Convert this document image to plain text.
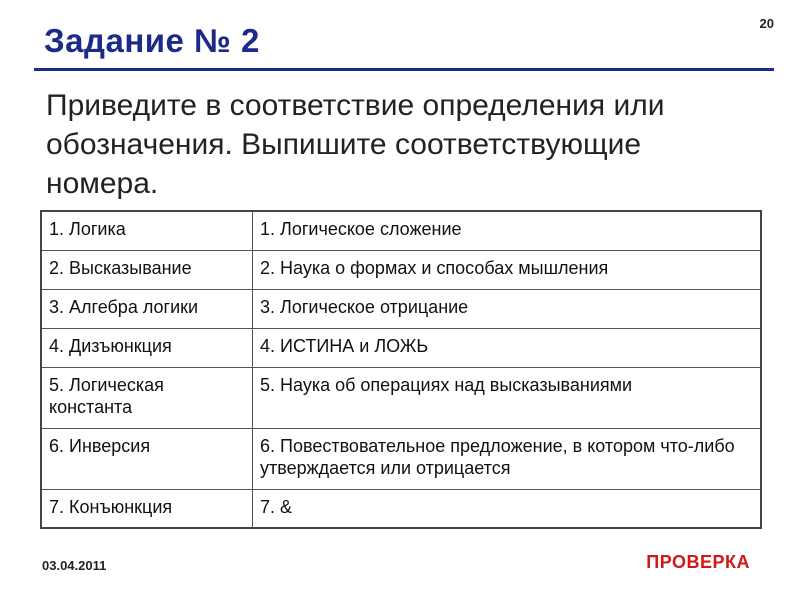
Задание № 2	20
Приведите в соответствие определения или обозначения. Выпишите соответствующие номера.
1. Логика	1. Логическое сложение
2. Высказывание	2. Наука о формах и способах мышления
3. Алгебра логики	3. Логическое отрицание
4. Дизъюнкция	4. ИСТИНА и ЛОЖЬ
5. Логическая константа	5. Наука об операциях над высказываниями
6. Инверсия	6. Повествовательное предложение, в котором что-либо утверждается или отрицается
7. Конъюнкция	7. &
03.04.2011	ПРОВЕРКА
